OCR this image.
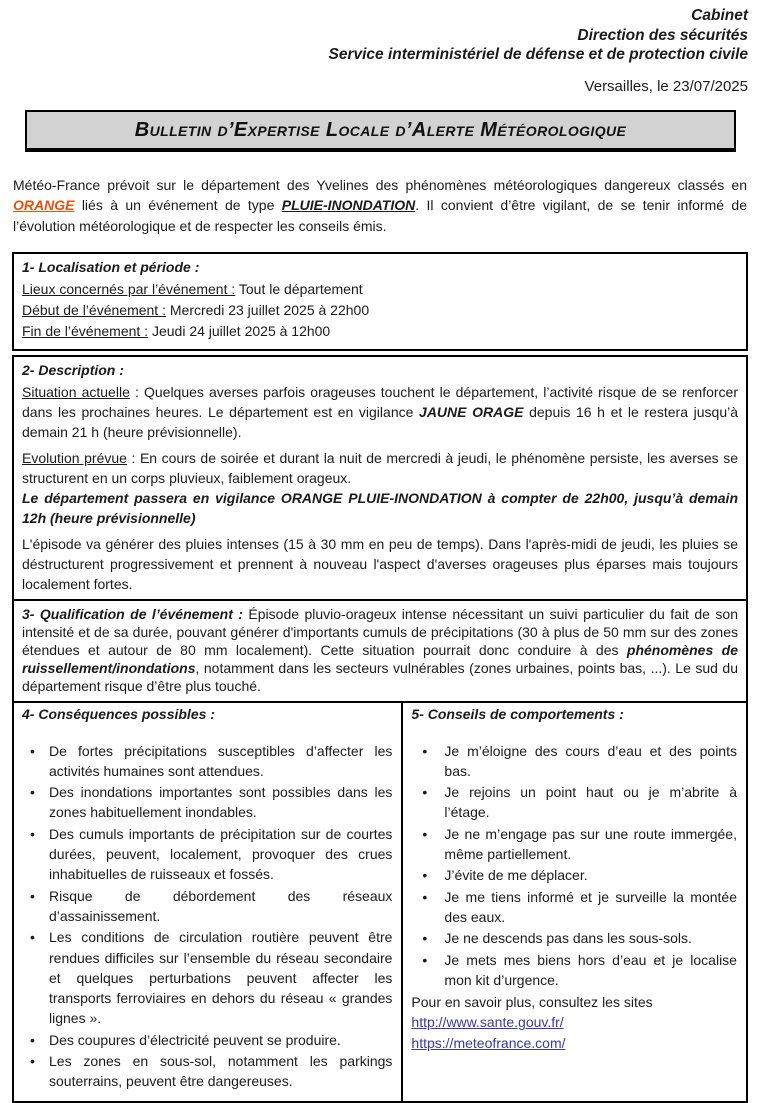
Cabinet
Direction des sécurités
Service interministériel de défense et de protection civile
Versailles, le 23/07/2025
Bulletin d’Expertise Locale d’Alerte Météorologique

Météo-France prévoit sur le département des Yvelines des phénomènes météorologiques dangereux classés en ORANGE liés à un événement de type PLUIE-INONDATION. Il convient d’être vigilant, de se tenir informé de l’évolution météorologique et de respecter les conseils émis.

1- Localisation et période :
Lieux concernés par l’événement : Tout le département
Début de l’événement : Mercredi 23 juillet 2025 à 22h00
Fin de l’événement : Jeudi 24 juillet 2025 à 12h00
2- Description :

Situation actuelle : Quelques averses parfois orageuses touchent le département, l’activité risque de se renforcer dans les prochaines heures. Le département est en vigilance JAUNE ORAGE depuis 16 h et le restera jusqu’à demain 21 h (heure prévisionnelle).

Evolution prévue : En cours de soirée et durant la nuit de mercredi à jeudi, le phénomène persiste, les averses se structurent en un corps pluvieux, faiblement orageux.

Le département passera en vigilance ORANGE PLUIE-INONDATION à compter de 22h00, jusqu’à demain 12h (heure prévisionnelle)

L'épisode va générer des pluies intenses (15 à 30 mm en peu de temps). Dans l'après-midi de jeudi, les pluies se déstructurent progressivement et prennent à nouveau l'aspect d'averses orageuses plus éparses mais toujours localement fortes.

3- Qualification de l’événement : Épisode pluvio-orageux intense nécessitant un suivi particulier du fait de son intensité et de sa durée, pouvant générer d'importants cumuls de précipitations (30 à plus de 50 mm sur des zones étendues et autour de 80 mm localement). Cette situation pourrait donc conduire à des phénomènes de ruissellement/inondations, notamment dans les secteurs vulnérables (zones urbaines, points bas, ...). Le sud du département risque d’être plus touché.

4- Conséquences possibles :
• De fortes précipitations susceptibles d’affecter les activités humaines sont attendues.
• Des inondations importantes sont possibles dans les zones habituellement inondables.
• Des cumuls importants de précipitation sur de courtes durées, peuvent, localement, provoquer des crues inhabituelles de ruisseaux et fossés.
• Risque de débordement des réseaux d’assainissement.
• Les conditions de circulation routière peuvent être rendues difficiles sur l’ensemble du réseau secondaire et quelques perturbations peuvent affecter les transports ferroviaires en dehors du réseau « grandes lignes ».
• Des coupures d’électricité peuvent se produire.
• Les zones en sous-sol, notamment les parkings souterrains, peuvent être dangereuses.
5- Conseils de comportements :
• Je m’éloigne des cours d’eau et des points bas.
• Je rejoins un point haut ou je m’abrite à l’étage.
• Je ne m’engage pas sur une route immergée, même partiellement.
• J’évite de me déplacer.
• Je me tiens informé et je surveille la montée des eaux.
• Je ne descends pas dans les sous-sols.
• Je mets mes biens hors d’eau et je localise mon kit d’urgence.
Pour en savoir plus, consultez les sites
http://www.sante.gouv.fr/
https://meteofrance.com/
